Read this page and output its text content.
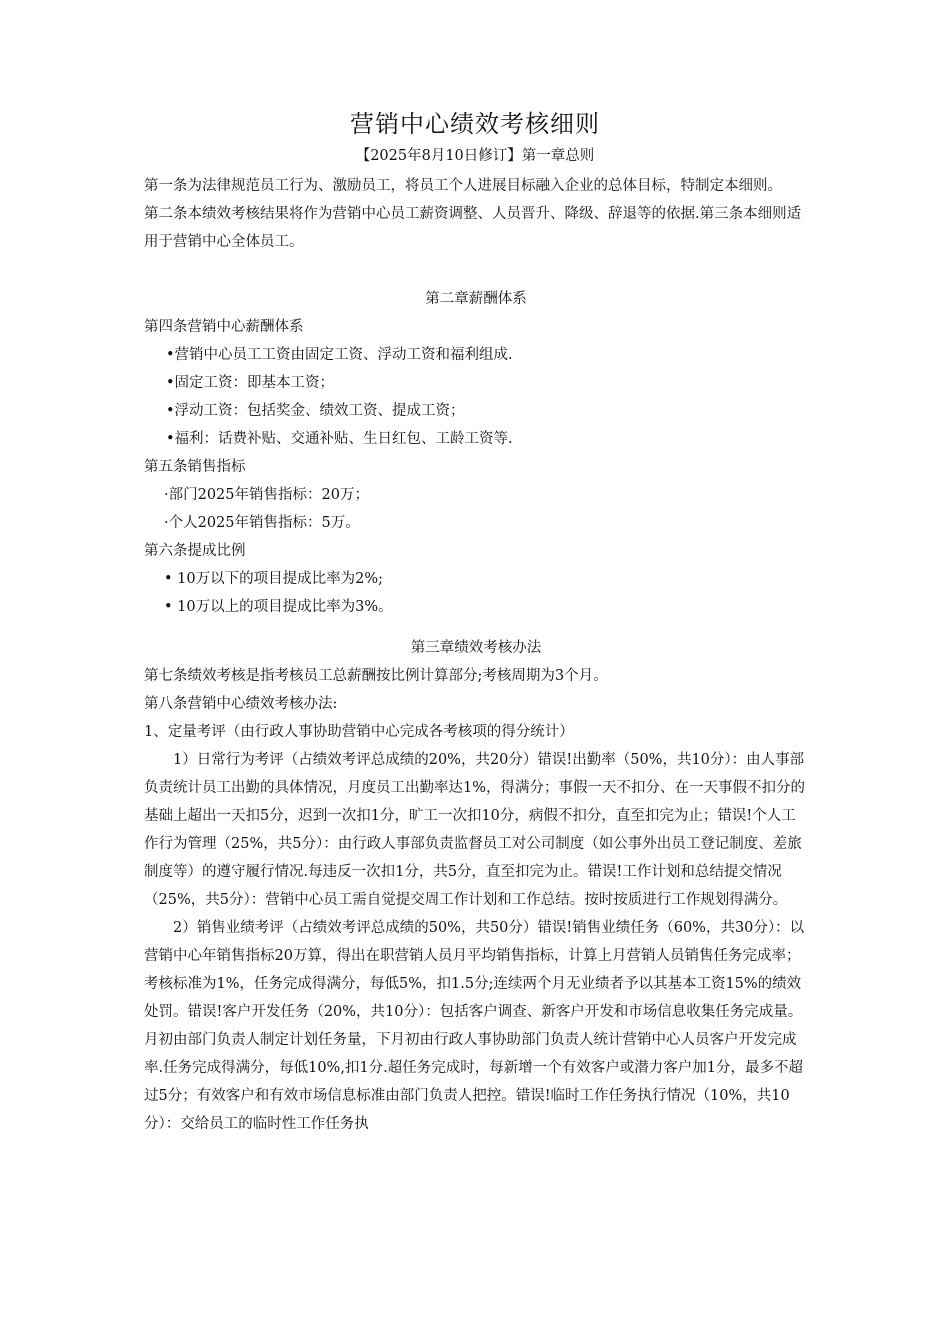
营销中心绩效考核细则
【2025年8月10日修订】第一章总则

第一条为法律规范员工行为、激励员工，将员工个人进展目标融入企业的总体目标，特制定本细则。

第二条本绩效考核结果将作为营销中心员工薪资调整、人员晋升、降级、辞退等的依据.第三条本细则适用于营销中心全体员工。

第二章薪酬体系

第四条营销中心薪酬体系

•营销中心员工工资由固定工资、浮动工资和福利组成.

•固定工资：即基本工资；

•浮动工资：包括奖金、绩效工资、提成工资；

•福利：话费补贴、交通补贴、生日红包、工龄工资等.

第五条销售指标

·部门2025年销售指标：20万；

·个人2025年销售指标：5万。

第六条提成比例

• 10万以下的项目提成比率为2%;

• 10万以上的项目提成比率为3%。

第三章绩效考核办法

第七条绩效考核是指考核员工总薪酬按比例计算部分;考核周期为3个月。

第八条营销中心绩效考核办法:

1、定量考评（由行政人事协助营销中心完成各考核项的得分统计）

1）日常行为考评（占绩效考评总成绩的20%，共20分）错误!出勤率（50%，共10分）：由人事部负责统计员工出勤的具体情况，月度员工出勤率达1%，得满分；事假一天不扣分、在一天事假不扣分的基础上超出一天扣5分，迟到一次扣1分，旷工一次扣10分，病假不扣分，直至扣完为止；错误!个人工作行为管理（25%，共5分）：由行政人事部负责监督员工对公司制度（如公事外出员工登记制度、差旅制度等）的遵守履行情况.每违反一次扣1分，共5分，直至扣完为止。错误!工作计划和总结提交情况（25%，共5分）：营销中心员工需自觉提交周工作计划和工作总结。按时按质进行工作规划得满分。

2）销售业绩考评（占绩效考评总成绩的50%，共50分）错误!销售业绩任务（60%，共30分）：以营销中心年销售指标20万算，得出在职营销人员月平均销售指标，计算上月营销人员销售任务完成率；考核标准为1%，任务完成得满分，每低5%，扣1.5分;连续两个月无业绩者予以其基本工资15%的绩效处罚。错误!客户开发任务（20%，共10分）：包括客户调查、新客户开发和市场信息收集任务完成量。月初由部门负责人制定计划任务量，下月初由行政人事协助部门负责人统计营销中心人员客户开发完成率.任务完成得满分，每低10%,扣1分.超任务完成时，每新增一个有效客户或潜力客户加1分，最多不超过5分；有效客户和有效市场信息标准由部门负责人把控。错误!临时工作任务执行情况（10%，共10分）：交给员工的临时性工作任务执
